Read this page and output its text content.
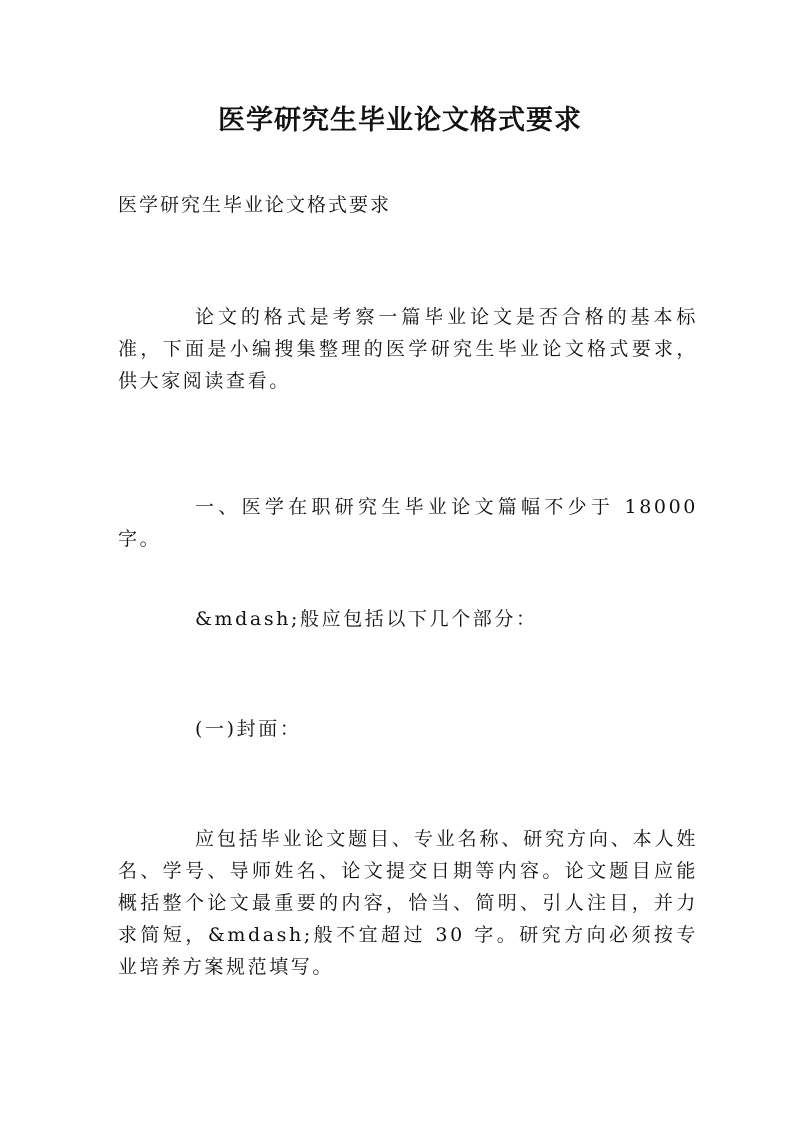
医学研究生毕业论文格式要求
医学研究生毕业论文格式要求
论文的格式是考察一篇毕业论文是否合格的基本标准，下面是小编搜集整理的医学研究生毕业论文格式要求，供大家阅读查看。
一、医学在职研究生毕业论文篇幅不少于 18000 字。
&mdash;般应包括以下几个部分：
(一)封面：
应包括毕业论文题目、专业名称、研究方向、本人姓名、学号、导师姓名、论文提交日期等内容。论文题目应能概括整个论文最重要的内容，恰当、简明、引人注目，并力求简短，&mdash;般不宜超过 30 字。研究方向必须按专业培养方案规范填写。
